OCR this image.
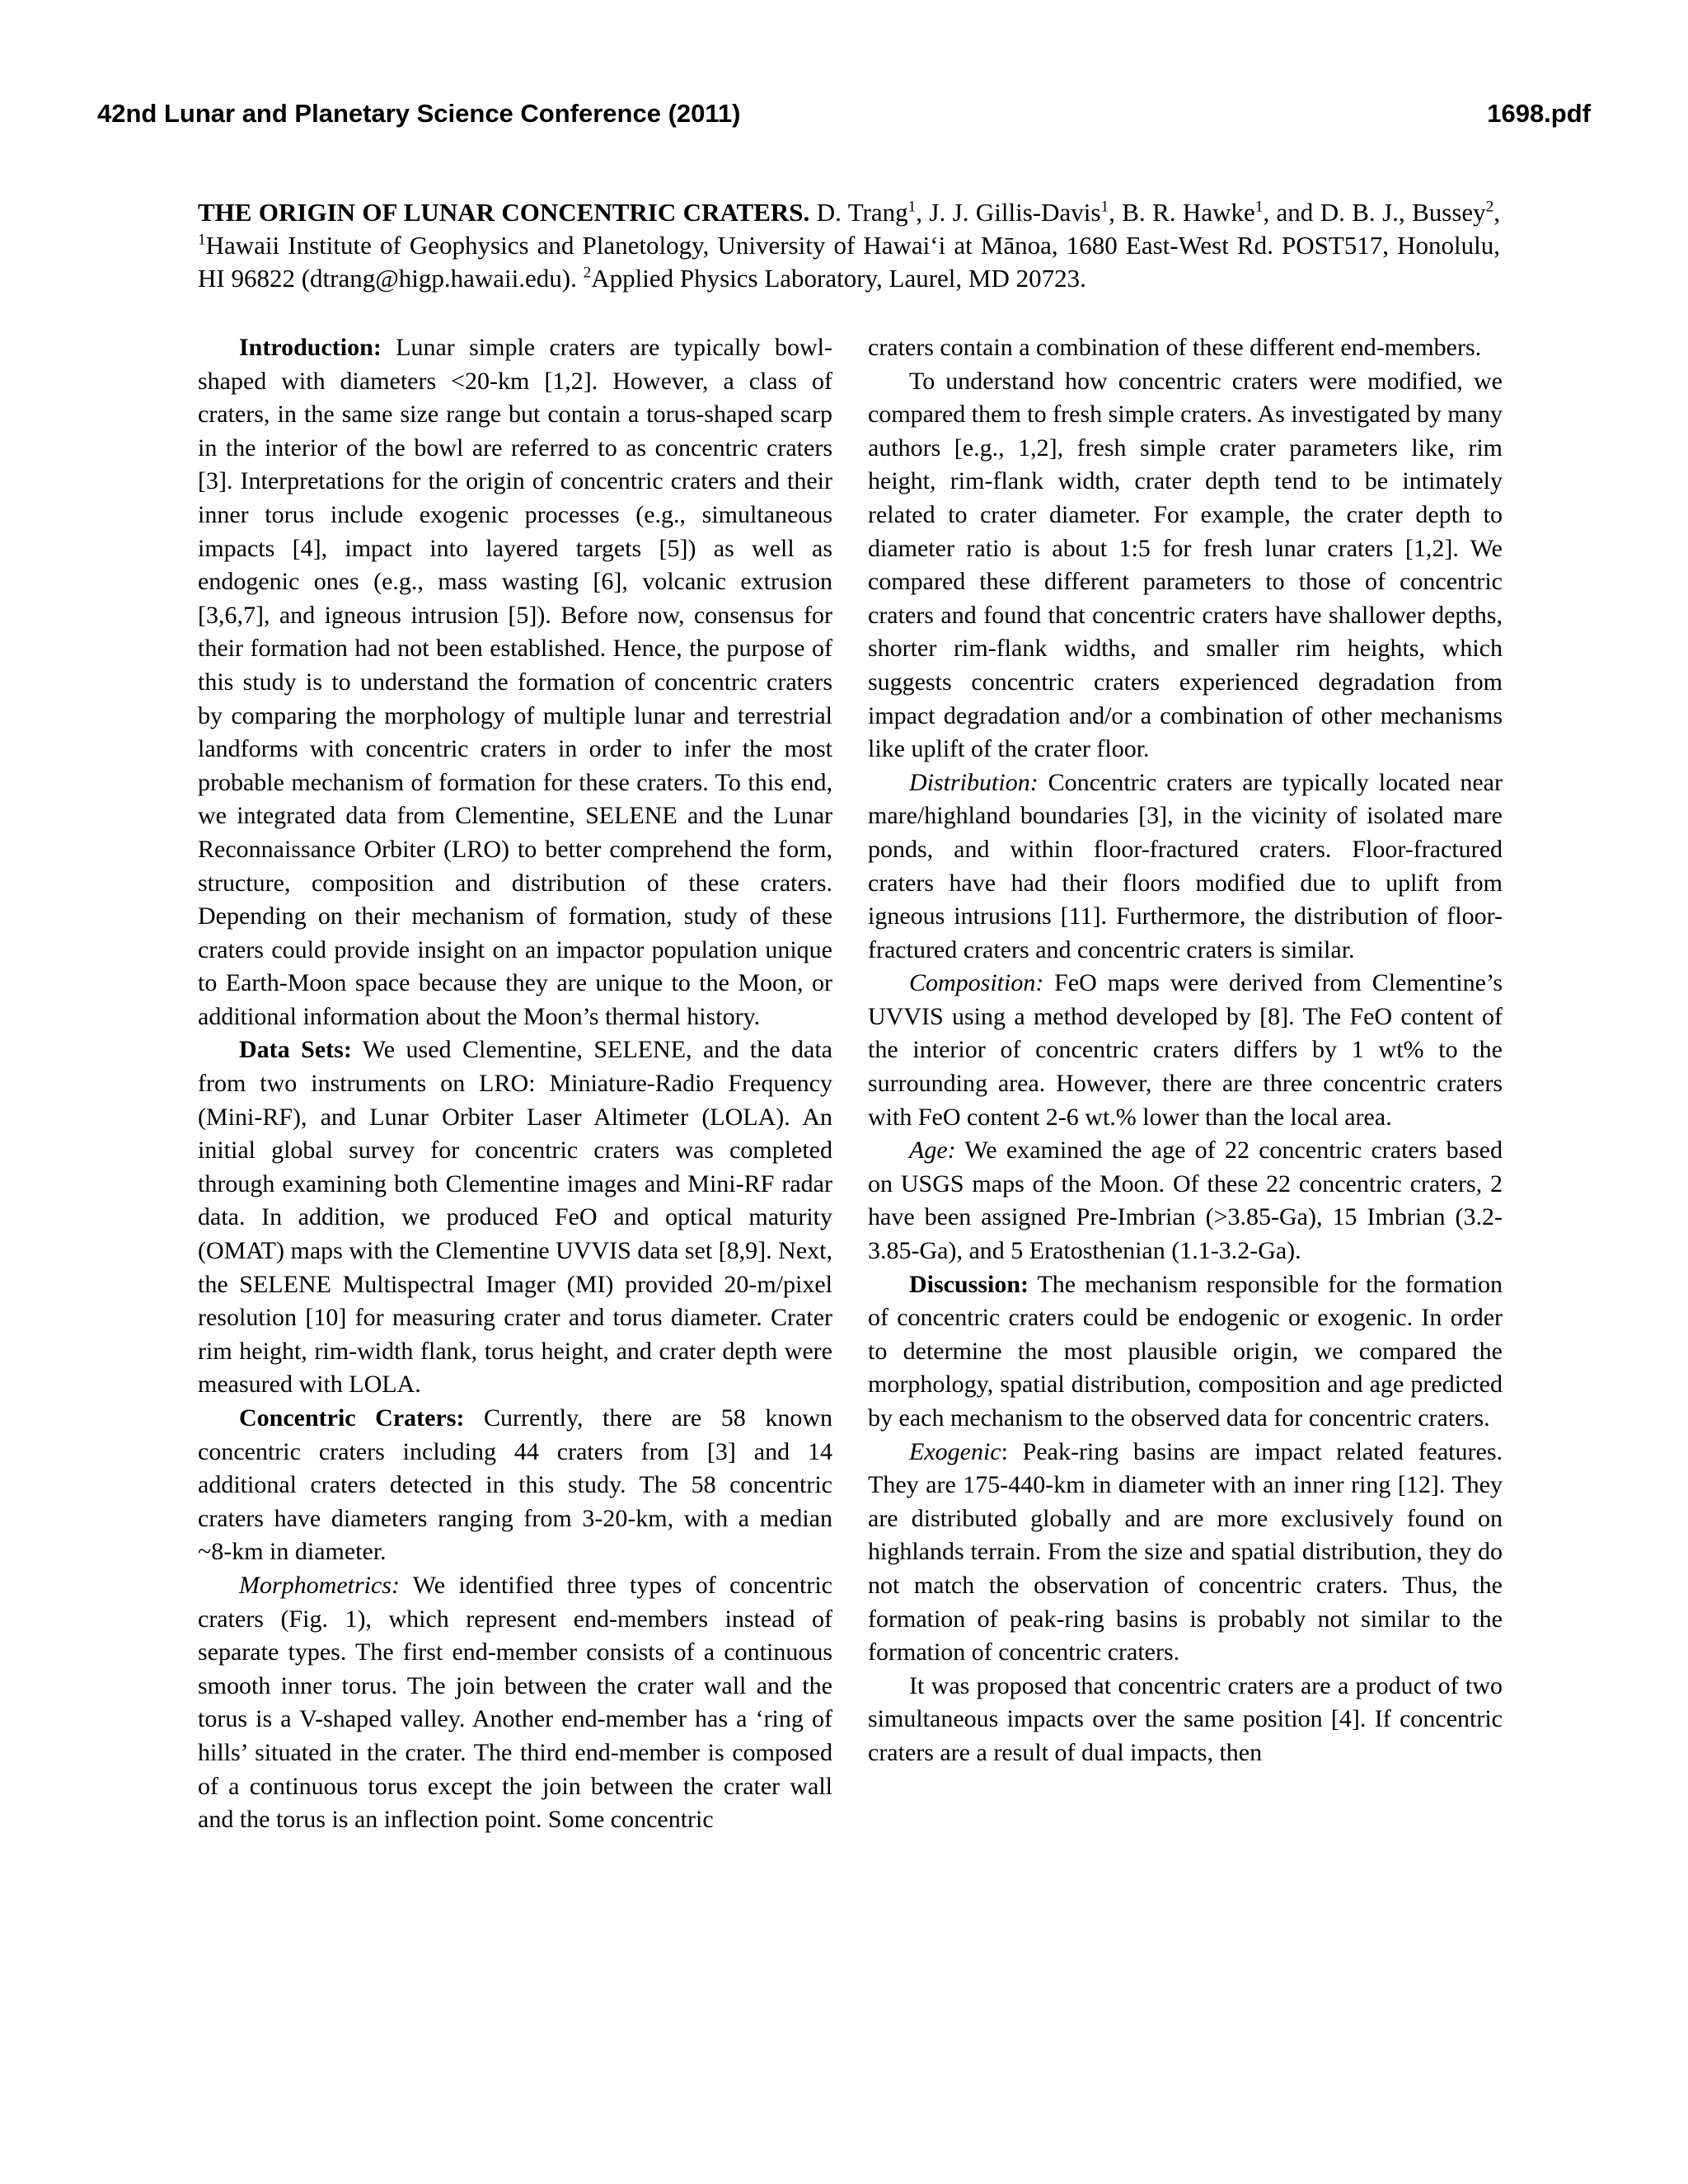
42nd Lunar and Planetary Science Conference (2011)	1698.pdf
THE ORIGIN OF LUNAR CONCENTRIC CRATERS. D. Trang$^1$, J. J. Gillis-Davis$^1$, B. R. Hawke$^1$, and D. B. J., Bussey$^2$, $^1$Hawaii Institute of Geophysics and Planetology, University of Hawai‘i at Mānoa, 1680 East-West Rd. POST517, Honolulu, HI 96822 (dtrang@higp.hawaii.edu). $^2$Applied Physics Laboratory, Laurel, MD 20723.

Introduction: Lunar simple craters are typically bowl-shaped with diameters <20-km [1,2]. However, a class of craters, in the same size range but contain a torus-shaped scarp in the interior of the bowl are referred to as concentric craters [3]. Interpretations for the origin of concentric craters and their inner torus include exogenic processes (e.g., simultaneous impacts [4], impact into layered targets [5]) as well as endogenic ones (e.g., mass wasting [6], volcanic extrusion [3,6,7], and igneous intrusion [5]). Before now, consensus for their formation had not been established. Hence, the purpose of this study is to understand the formation of concentric craters by comparing the morphology of multiple lunar and terrestrial landforms with concentric craters in order to infer the most probable mechanism of formation for these craters. To this end, we integrated data from Clementine, SELENE and the Lunar Reconnaissance Orbiter (LRO) to better comprehend the form, structure, composition and distribution of these craters. Depending on their mechanism of formation, study of these craters could provide insight on an impactor population unique to Earth-Moon space because they are unique to the Moon, or additional information about the Moon’s thermal history.

Data Sets: We used Clementine, SELENE, and the data from two instruments on LRO: Miniature-Radio Frequency (Mini-RF), and Lunar Orbiter Laser Altimeter (LOLA). An initial global survey for concentric craters was completed through examining both Clementine images and Mini-RF radar data. In addition, we produced FeO and optical maturity (OMAT) maps with the Clementine UVVIS data set [8,9]. Next, the SELENE Multispectral Imager (MI) provided 20-m/pixel resolution [10] for measuring crater and torus diameter. Crater rim height, rim-width flank, torus height, and crater depth were measured with LOLA.

Concentric Craters: Currently, there are 58 known concentric craters including 44 craters from [3] and 14 additional craters detected in this study. The 58 concentric craters have diameters ranging from 3-20-km, with a median ~8-km in diameter.

Morphometrics: We identified three types of concentric craters (Fig. 1), which represent end-members instead of separate types. The first end-member consists of a continuous smooth inner torus. The join between the crater wall and the torus is a V-shaped valley. Another end-member has a ‘ring of hills’ situated in the crater. The third end-member is composed of a continuous torus except the join between the crater wall and the torus is an inflection point. Some concentric

craters contain a combination of these different end-members.

To understand how concentric craters were modified, we compared them to fresh simple craters. As investigated by many authors [e.g., 1,2], fresh simple crater parameters like, rim height, rim-flank width, crater depth tend to be intimately related to crater diameter. For example, the crater depth to diameter ratio is about 1:5 for fresh lunar craters [1,2]. We compared these different parameters to those of concentric craters and found that concentric craters have shallower depths, shorter rim-flank widths, and smaller rim heights, which suggests concentric craters experienced degradation from impact degradation and/or a combination of other mechanisms like uplift of the crater floor.

Distribution: Concentric craters are typically located near mare/highland boundaries [3], in the vicinity of isolated mare ponds, and within floor-fractured craters. Floor-fractured craters have had their floors modified due to uplift from igneous intrusions [11]. Furthermore, the distribution of floor-fractured craters and concentric craters is similar.

Composition: FeO maps were derived from Clementine’s UVVIS using a method developed by [8]. The FeO content of the interior of concentric craters differs by 1 wt% to the surrounding area. However, there are three concentric craters with FeO content 2-6 wt.% lower than the local area.

Age: We examined the age of 22 concentric craters based on USGS maps of the Moon. Of these 22 concentric craters, 2 have been assigned Pre-Imbrian (>3.85-Ga), 15 Imbrian (3.2-3.85-Ga), and 5 Eratosthenian (1.1-3.2-Ga).

Discussion: The mechanism responsible for the formation of concentric craters could be endogenic or exogenic. In order to determine the most plausible origin, we compared the morphology, spatial distribution, composition and age predicted by each mechanism to the observed data for concentric craters.

Exogenic: Peak-ring basins are impact related features. They are 175-440-km in diameter with an inner ring [12]. They are distributed globally and are more exclusively found on highlands terrain. From the size and spatial distribution, they do not match the observation of concentric craters. Thus, the formation of peak-ring basins is probably not similar to the formation of concentric craters.

It was proposed that concentric craters are a product of two simultaneous impacts over the same position [4]. If concentric craters are a result of dual impacts, then
